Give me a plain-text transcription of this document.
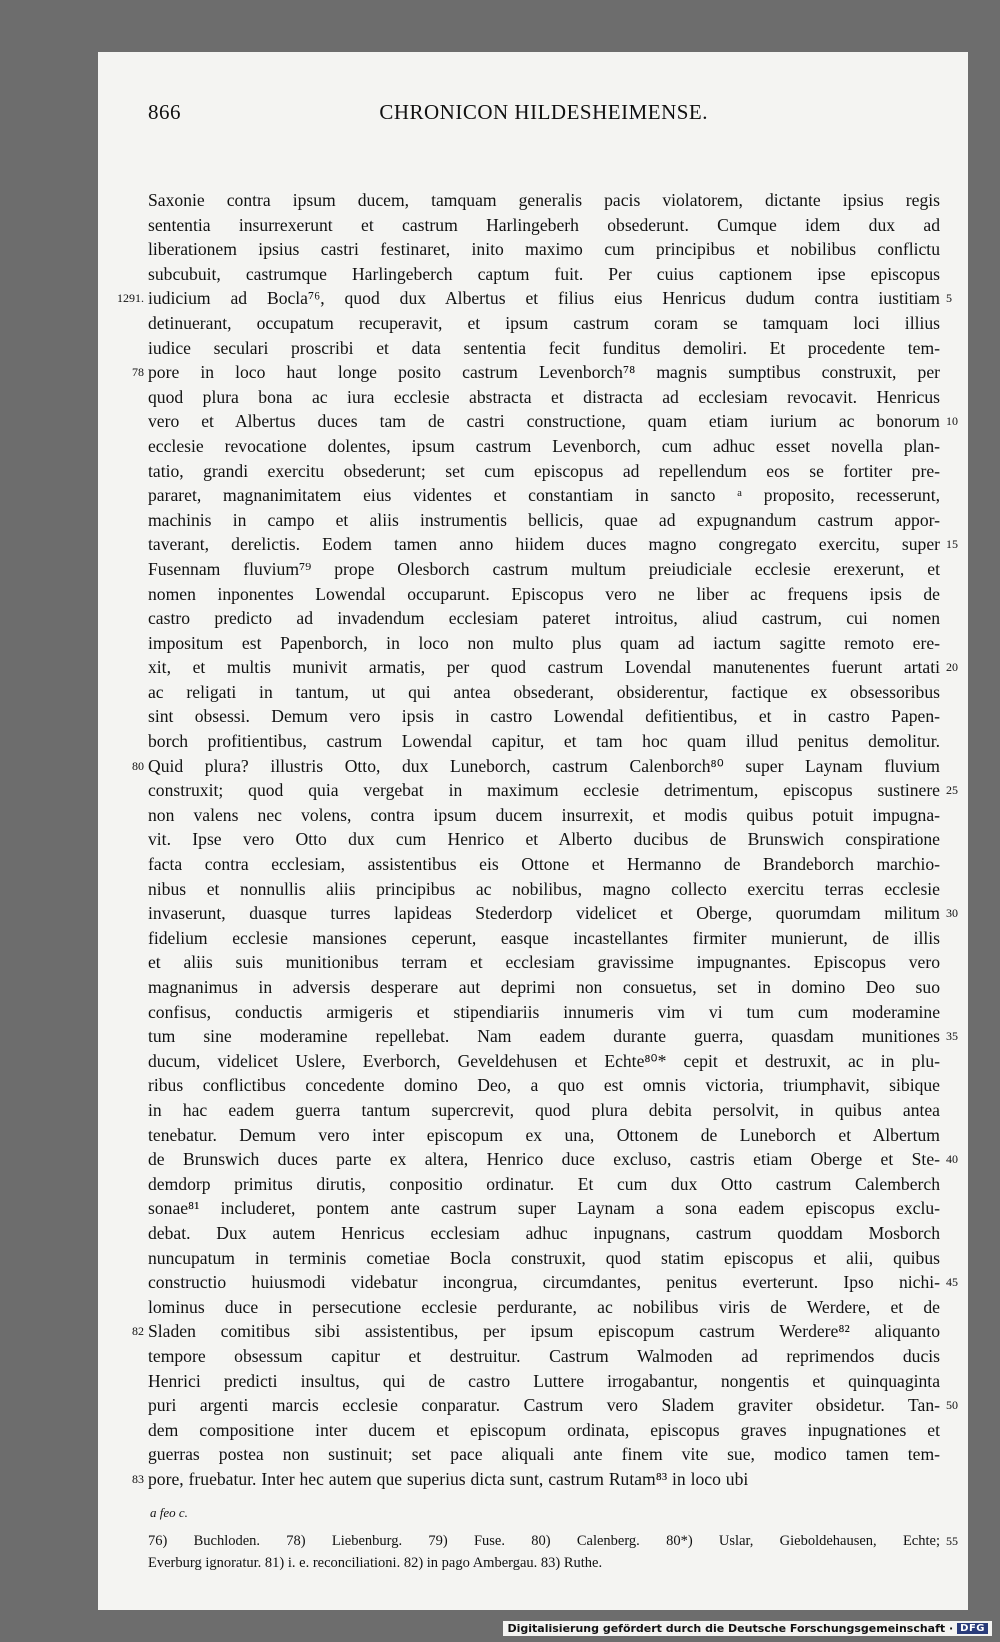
866	CHRONICON HILDESHEIMENSE.
Saxonie contra ipsum ducem, tamquam generalis pacis violatorem, dictante ipsius regis
sententia insurrexerunt et castrum Harlingeberh obsederunt. Cumque idem dux ad
liberationem ipsius castri festinaret, inito maximo cum principibus et nobilibus conflictu
subcubuit, castrumque Harlingeberch captum fuit. Per cuius captionem ipse episcopus
iudicium ad Bocla⁷⁶, quod dux Albertus et filius eius Henricus dudum contra iustitiam
1291.	5
detinuerant, occupatum recuperavit, et ipsum castrum coram se tamquam loci illius
iudice seculari proscribi et data sententia fecit funditus demoliri. Et procedente tem-
pore in loco haut longe posito castrum Levenborch⁷⁸ magnis sumptibus construxit, per
78
quod plura bona ac iura ecclesie abstracta et distracta ad ecclesiam revocavit. Henricus
vero et Albertus duces tam de castri constructione, quam etiam iurium ac bonorum 10
ecclesie revocatione dolentes, ipsum castrum Levenborch, cum adhuc esset novella plan-
tatio, grandi exercitu obsederunt; set cum episcopus ad repellendum eos se fortiter pre-
pararet, magnanimitatem eius videntes et constantiam in sancto ᵃ proposito, recesserunt,
machinis in campo et aliis instrumentis bellicis, quae ad expugnandum castrum appor-
taverant, derelictis. Eodem tamen anno hiidem duces magno congregato exercitu, super 15
Fusennam fluvium⁷⁹ prope Olesborch castrum multum preiudiciale ecclesie erexerunt, et
nomen inponentes Lowendal occuparunt. Episcopus vero ne liber ac frequens ipsis de
castro predicto ad invadendum ecclesiam pateret introitus, aliud castrum, cui nomen
impositum est Papenborch, in loco non multo plus quam ad iactum sagitte remoto ere-
xit, et multis munivit armatis, per quod castrum Lovendal manutenentes fuerunt artati 20
ac religati in tantum, ut qui antea obsederant, obsiderentur, factique ex obsessoribus
sint obsessi. Demum vero ipsis in castro Lowendal defitientibus, et in castro Papen-
borch profitientibus, castrum Lowendal capitur, et tam hoc quam illud penitus demolitur.
Quid plura? illustris Otto, dux Luneborch, castrum Calenborch⁸⁰ super Laynam fluvium
80
construxit; quod quia vergebat in maximum ecclesie detrimentum, episcopus sustinere 25
non valens nec volens, contra ipsum ducem insurrexit, et modis quibus potuit impugna-
vit. Ipse vero Otto dux cum Henrico et Alberto ducibus de Brunswich conspiratione
facta contra ecclesiam, assistentibus eis Ottone et Hermanno de Brandeborch marchio-
nibus et nonnullis aliis principibus ac nobilibus, magno collecto exercitu terras ecclesie
invaserunt, duasque turres lapideas Stederdorp videlicet et Oberge, quorumdam militum 30
fidelium ecclesie mansiones ceperunt, easque incastellantes firmiter munierunt, de illis
et aliis suis munitionibus terram et ecclesiam gravissime impugnantes. Episcopus vero
magnanimus in adversis desperare aut deprimi non consuetus, set in domino Deo suo
confisus, conductis armigeris et stipendiariis innumeris vim vi tum cum moderamine
tum sine moderamine repellebat. Nam eadem durante guerra, quasdam munitiones 35
ducum, videlicet Uslere, Everborch, Geveldehusen et Echte⁸⁰* cepit et destruxit, ac in plu-
ribus conflictibus concedente domino Deo, a quo est omnis victoria, triumphavit, sibique
in hac eadem guerra tantum supercrevit, quod plura debita persolvit, in quibus antea
tenebatur. Demum vero inter episcopum ex una, Ottonem de Luneborch et Albertum
de Brunswich duces parte ex altera, Henrico duce excluso, castris etiam Oberge et Ste- 40
demdorp primitus dirutis, conpositio ordinatur. Et cum dux Otto castrum Calemberch
sonae⁸¹ includeret, pontem ante castrum super Laynam a sona eadem episcopus exclu-
debat. Dux autem Henricus ecclesiam adhuc inpugnans, castrum quoddam Mosborch
nuncupatum in terminis cometiae Bocla construxit, quod statim episcopus et alii, quibus
constructio huiusmodi videbatur incongrua, circumdantes, penitus everterunt. Ipso nichi- 45
lominus duce in persecutione ecclesie perdurante, ac nobilibus viris de Werdere, et de
Sladen comitibus sibi assistentibus, per ipsum episcopum castrum Werdere⁸² aliquanto
82
tempore obsessum capitur et destruitur. Castrum Walmoden ad reprimendos ducis
Henrici predicti insultus, qui de castro Luttere irrogabantur, nongentis et quinquaginta
puri argenti marcis ecclesie conparatur. Castrum vero Sladem graviter obsidetur. Tan- 50
dem compositione inter ducem et episcopum ordinata, episcopus graves inpugnationes et
guerras postea non sustinuit; set pace aliquali ante finem vite sue, modico tamen tem-
pore, fruebatur. Inter hec autem que superius dicta sunt, castrum Rutam⁸³ in loco ubi
83
a feo c.
76) Buchloden. 78) Liebenburg. 79) Fuse. 80) Calenberg. 80*) Uslar, Gieboldehausen, Echte; 55
Everburg ignoratur. 81) i. e. reconciliationi. 82) in pago Ambergau. 83) Ruthe.
Digitalisierung gefördert durch die Deutsche Forschungsgemeinschaft · DFG
